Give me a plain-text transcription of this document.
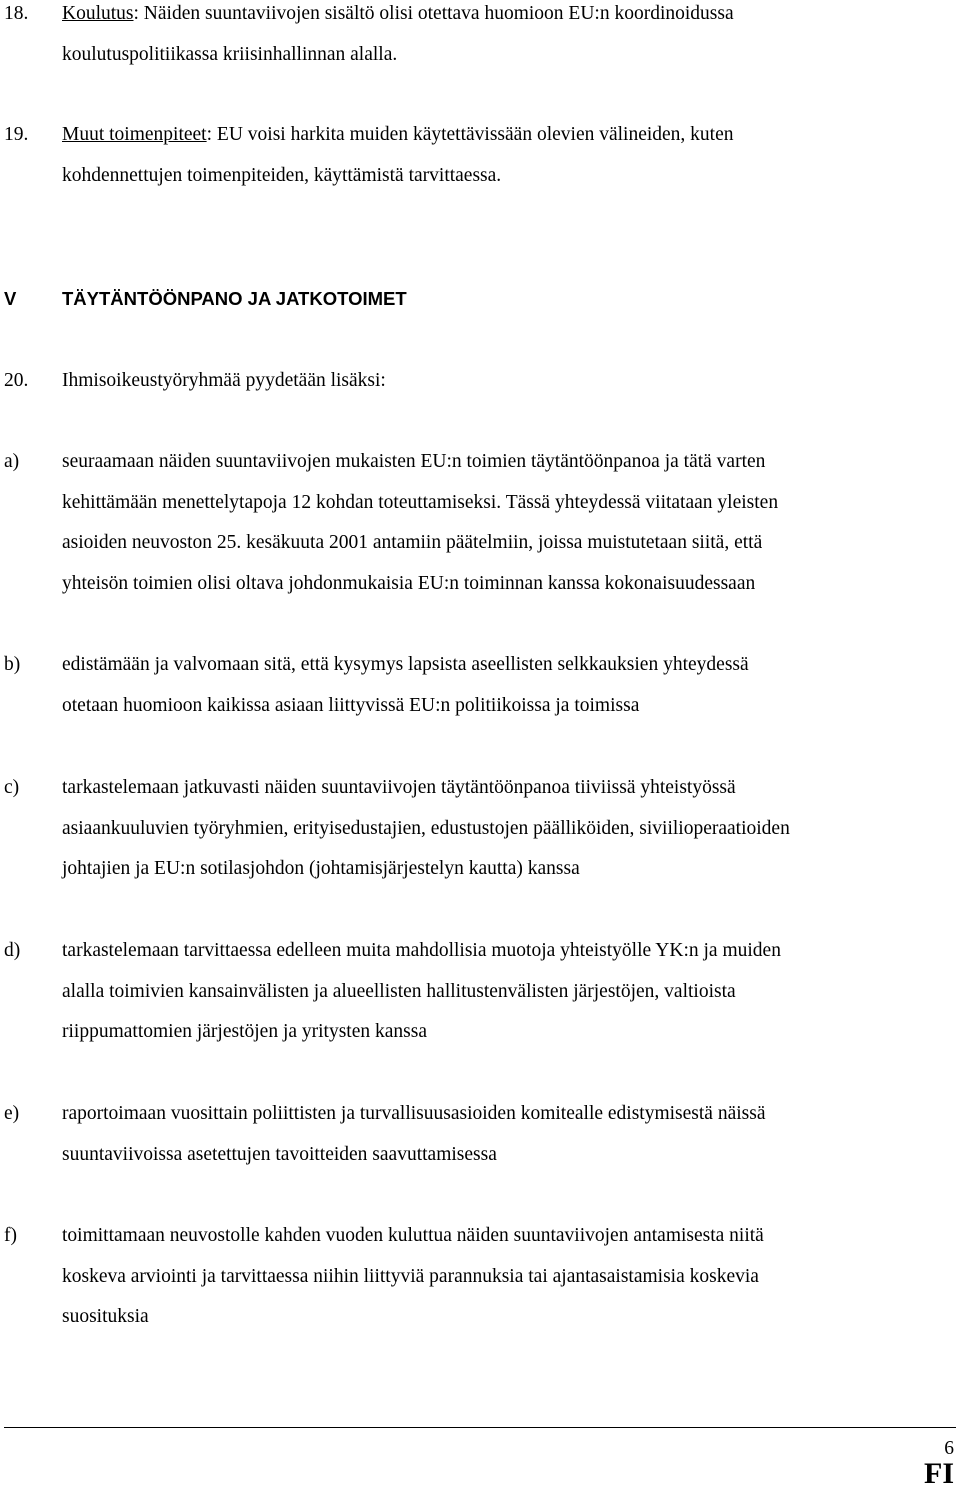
18. Koulutus: Näiden suuntaviivojen sisältö olisi otettava huomioon EU:n koordinoidussa
koulutuspolitiikassa kriisinhallinnan alalla.
19. Muut toimenpiteet: EU voisi harkita muiden käytettävissään olevien välineiden, kuten
kohdennettujen toimenpiteiden, käyttämistä tarvittaessa.
V TÄYTÄNTÖÖNPANO JA JATKOTOIMET
20. Ihmisoikeustyöryhmää pyydetään lisäksi:
a) seuraamaan näiden suuntaviivojen mukaisten EU:n toimien täytäntöönpanoa ja tätä varten
kehittämään menettelytapoja 12 kohdan toteuttamiseksi. Tässä yhteydessä viitataan yleisten
asioiden neuvoston 25. kesäkuuta 2001 antamiin päätelmiin, joissa muistutetaan siitä, että
yhteisön toimien olisi oltava johdonmukaisia EU:n toiminnan kanssa kokonaisuudessaan
b) edistämään ja valvomaan sitä, että kysymys lapsista aseellisten selkkauksien yhteydessä
otetaan huomioon kaikissa asiaan liittyvissä EU:n politiikoissa ja toimissa
c) tarkastelemaan jatkuvasti näiden suuntaviivojen täytäntöönpanoa tiiviissä yhteistyössä
asiaankuuluvien työryhmien, erityisedustajien, edustustojen päälliköiden, siviilioperaatioiden
johtajien ja EU:n sotilasjohdon (johtamisjärjestelyn kautta) kanssa
d) tarkastelemaan tarvittaessa edelleen muita mahdollisia muotoja yhteistyölle YK:n ja muiden
alalla toimivien kansainvälisten ja alueellisten hallitustenvälisten järjestöjen, valtioista
riippumattomien järjestöjen ja yritysten kanssa
e) raportoimaan vuosittain poliittisten ja turvallisuusasioiden komitealle edistymisestä näissä
suuntaviivoissa asetettujen tavoitteiden saavuttamisessa
f) toimittamaan neuvostolle kahden vuoden kuluttua näiden suuntaviivojen antamisesta niitä
koskeva arviointi ja tarvittaessa niihin liittyviä parannuksia tai ajantasaistamisia koskevia
suosituksia
6
FI
